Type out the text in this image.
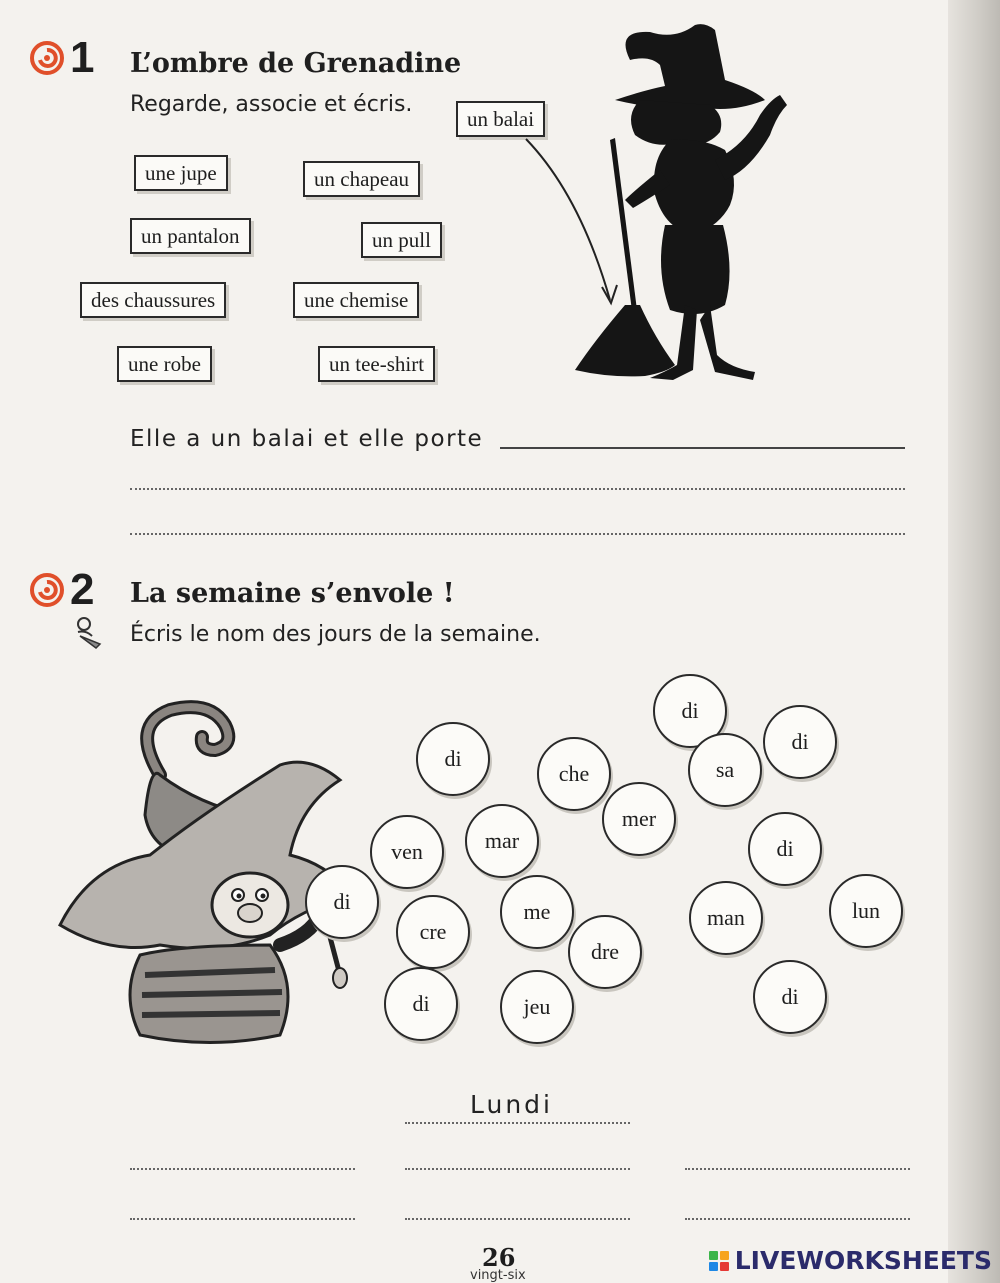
1 L’ombre de Grenadine
Regarde, associe et écris.
un balai
une jupe	un chapeau
un pantalon	un pull
des chaussures	une chemise
une robe	un tee-shirt
Elle a un balai et elle porte
2 La semaine s’envole !
Écris le nom des jours de la semaine.
di
di
che	sa
di
mer
mar
ven	di
di	me
cre
man	lun
dre
di	jeu	di
Lundi
26
vingt-six
LIVEWORKSHEETS
